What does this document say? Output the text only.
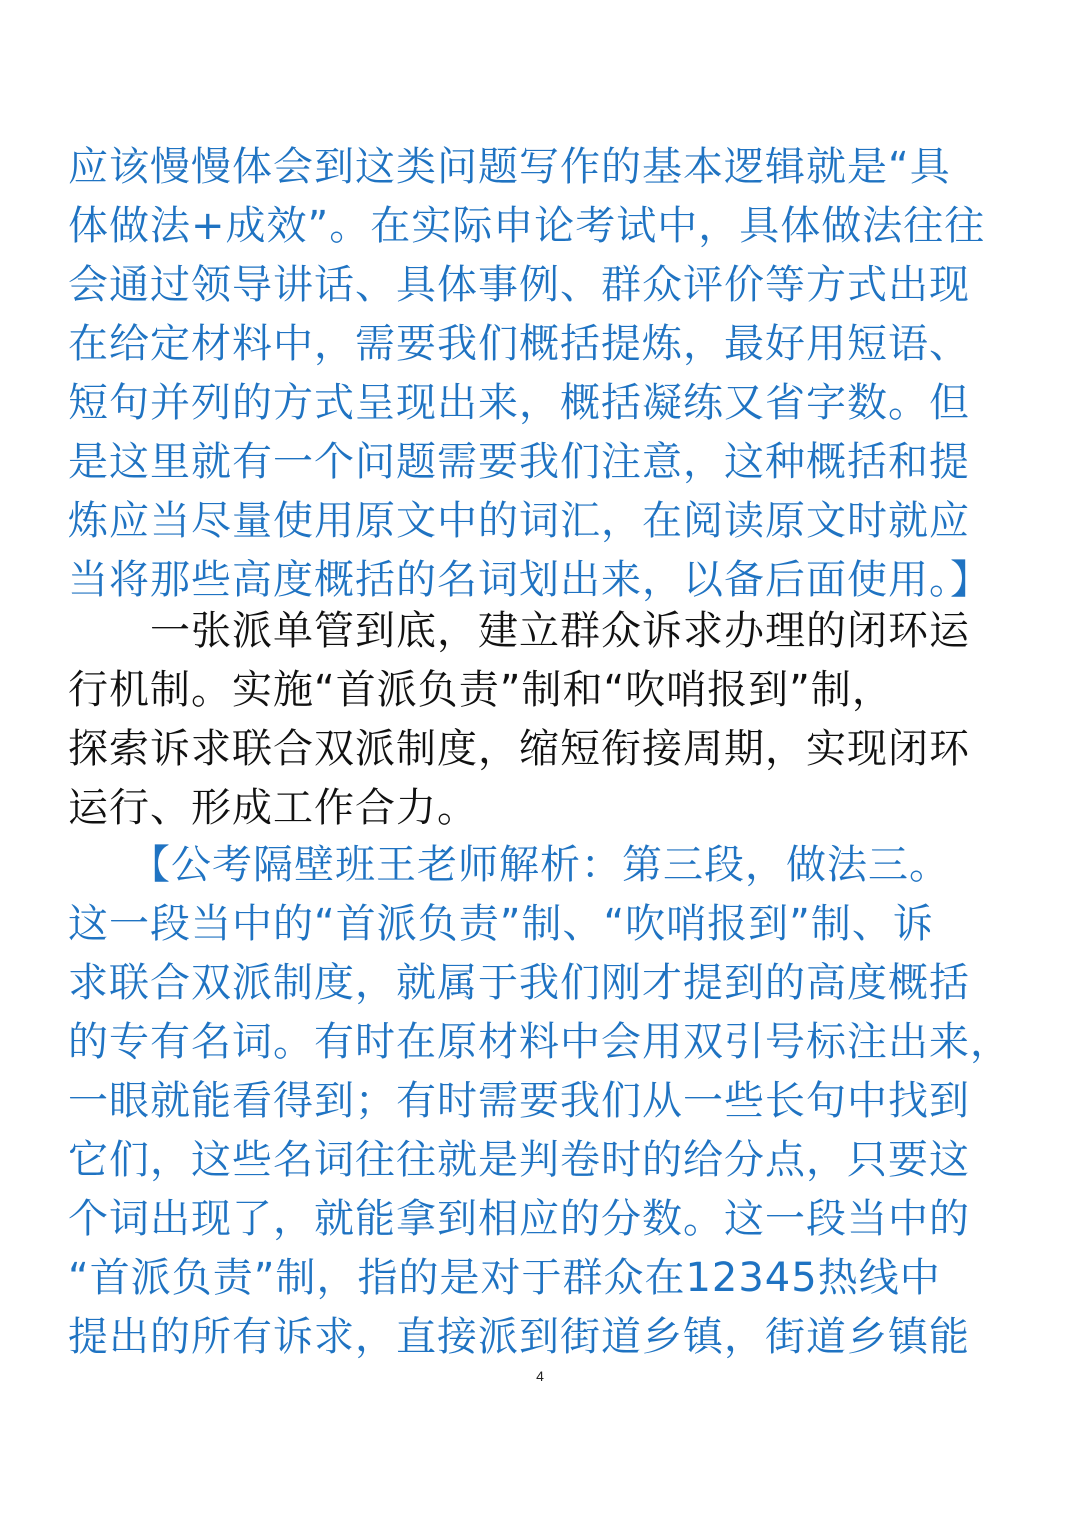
应该慢慢体会到这类问题写作的基本逻辑就是“具
体做法+成效”。在实际申论考试中，具体做法往往
会通过领导讲话、具体事例、群众评价等方式出现
在给定材料中，需要我们概括提炼，最好用短语、
短句并列的方式呈现出来，概括凝练又省字数。但
是这里就有一个问题需要我们注意，这种概括和提
炼应当尽量使用原文中的词汇，在阅读原文时就应
当将那些高度概括的名词划出来，以备后面使用。】
　　一张派单管到底，建立群众诉求办理的闭环运
行机制。实施“首派负责”制和“吹哨报到”制，
探索诉求联合双派制度，缩短衔接周期，实现闭环
运行、形成工作合力。
　　【公考隔壁班王老师解析：第三段，做法三。
这一段当中的“首派负责”制、“吹哨报到”制、诉
求联合双派制度，就属于我们刚才提到的高度概括
的专有名词。有时在原材料中会用双引号标注出来，
一眼就能看得到；有时需要我们从一些长句中找到
它们，这些名词往往就是判卷时的给分点，只要这
个词出现了，就能拿到相应的分数。这一段当中的
“首派负责”制，指的是对于群众在12345热线中
提出的所有诉求，直接派到街道乡镇，街道乡镇能
4
